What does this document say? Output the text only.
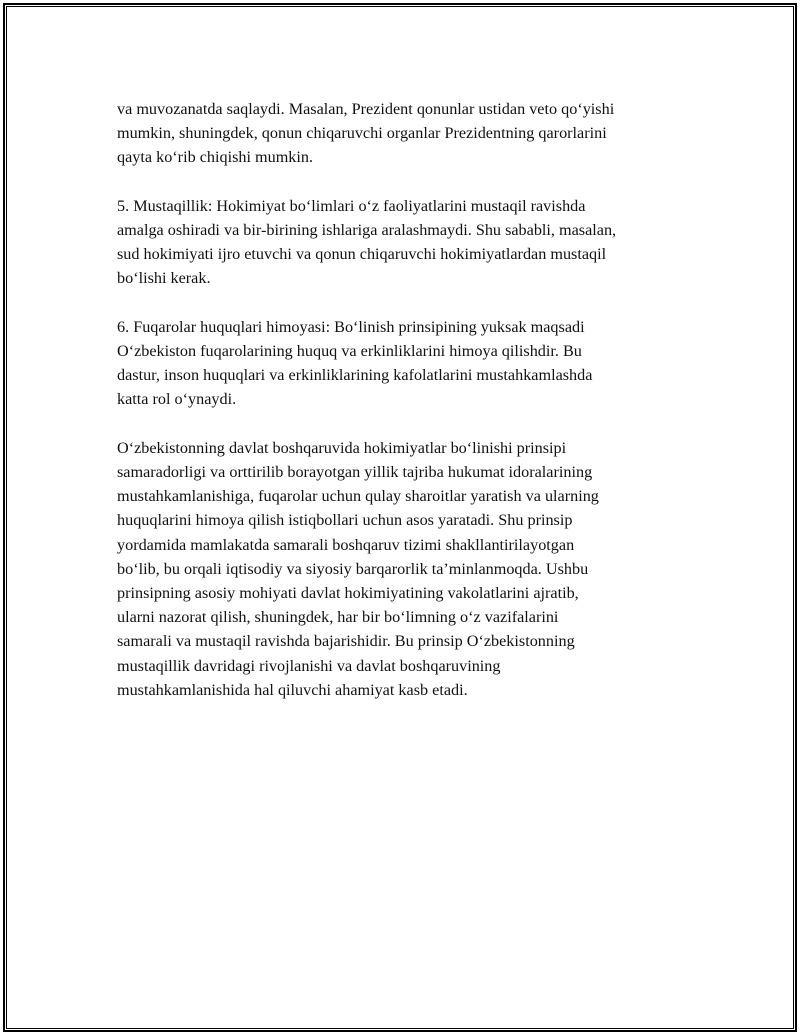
va muvozanatda saqlaydi. Masalan, Prezident qonunlar ustidan veto qo‘yishi
mumkin, shuningdek, qonun chiqaruvchi organlar Prezidentning qarorlarini
qayta ko‘rib chiqishi mumkin.

5. Mustaqillik: Hokimiyat bo‘limlari o‘z faoliyatlarini mustaqil ravishda
amalga oshiradi va bir-birining ishlariga aralashmaydi. Shu sababli, masalan,
sud hokimiyati ijro etuvchi va qonun chiqaruvchi hokimiyatlardan mustaqil
bo‘lishi kerak.

6. Fuqarolar huquqlari himoyasi: Bo‘linish prinsipining yuksak maqsadi
O‘zbekiston fuqarolarining huquq va erkinliklarini himoya qilishdir. Bu
dastur, inson huquqlari va erkinliklarining kafolatlarini mustahkamlashda
katta rol o‘ynaydi.

O‘zbekistonning davlat boshqaruvida hokimiyatlar bo‘linishi prinsipi
samaradorligi va orttirilib borayotgan yillik tajriba hukumat idoralarining
mustahkamlanishiga, fuqarolar uchun qulay sharoitlar yaratish va ularning
huquqlarini himoya qilish istiqbollari uchun asos yaratadi. Shu prinsip
yordamida mamlakatda samarali boshqaruv tizimi shakllantirilayotgan
bo‘lib, bu orqali iqtisodiy va siyosiy barqarorlik ta’minlanmoqda. Ushbu
prinsipning asosiy mohiyati davlat hokimiyatining vakolatlarini ajratib,
ularni nazorat qilish, shuningdek, har bir bo‘limning o‘z vazifalarini
samarali va mustaqil ravishda bajarishidir. Bu prinsip O‘zbekistonning
mustaqillik davridagi rivojlanishi va davlat boshqaruvining
mustahkamlanishida hal qiluvchi ahamiyat kasb etadi.
